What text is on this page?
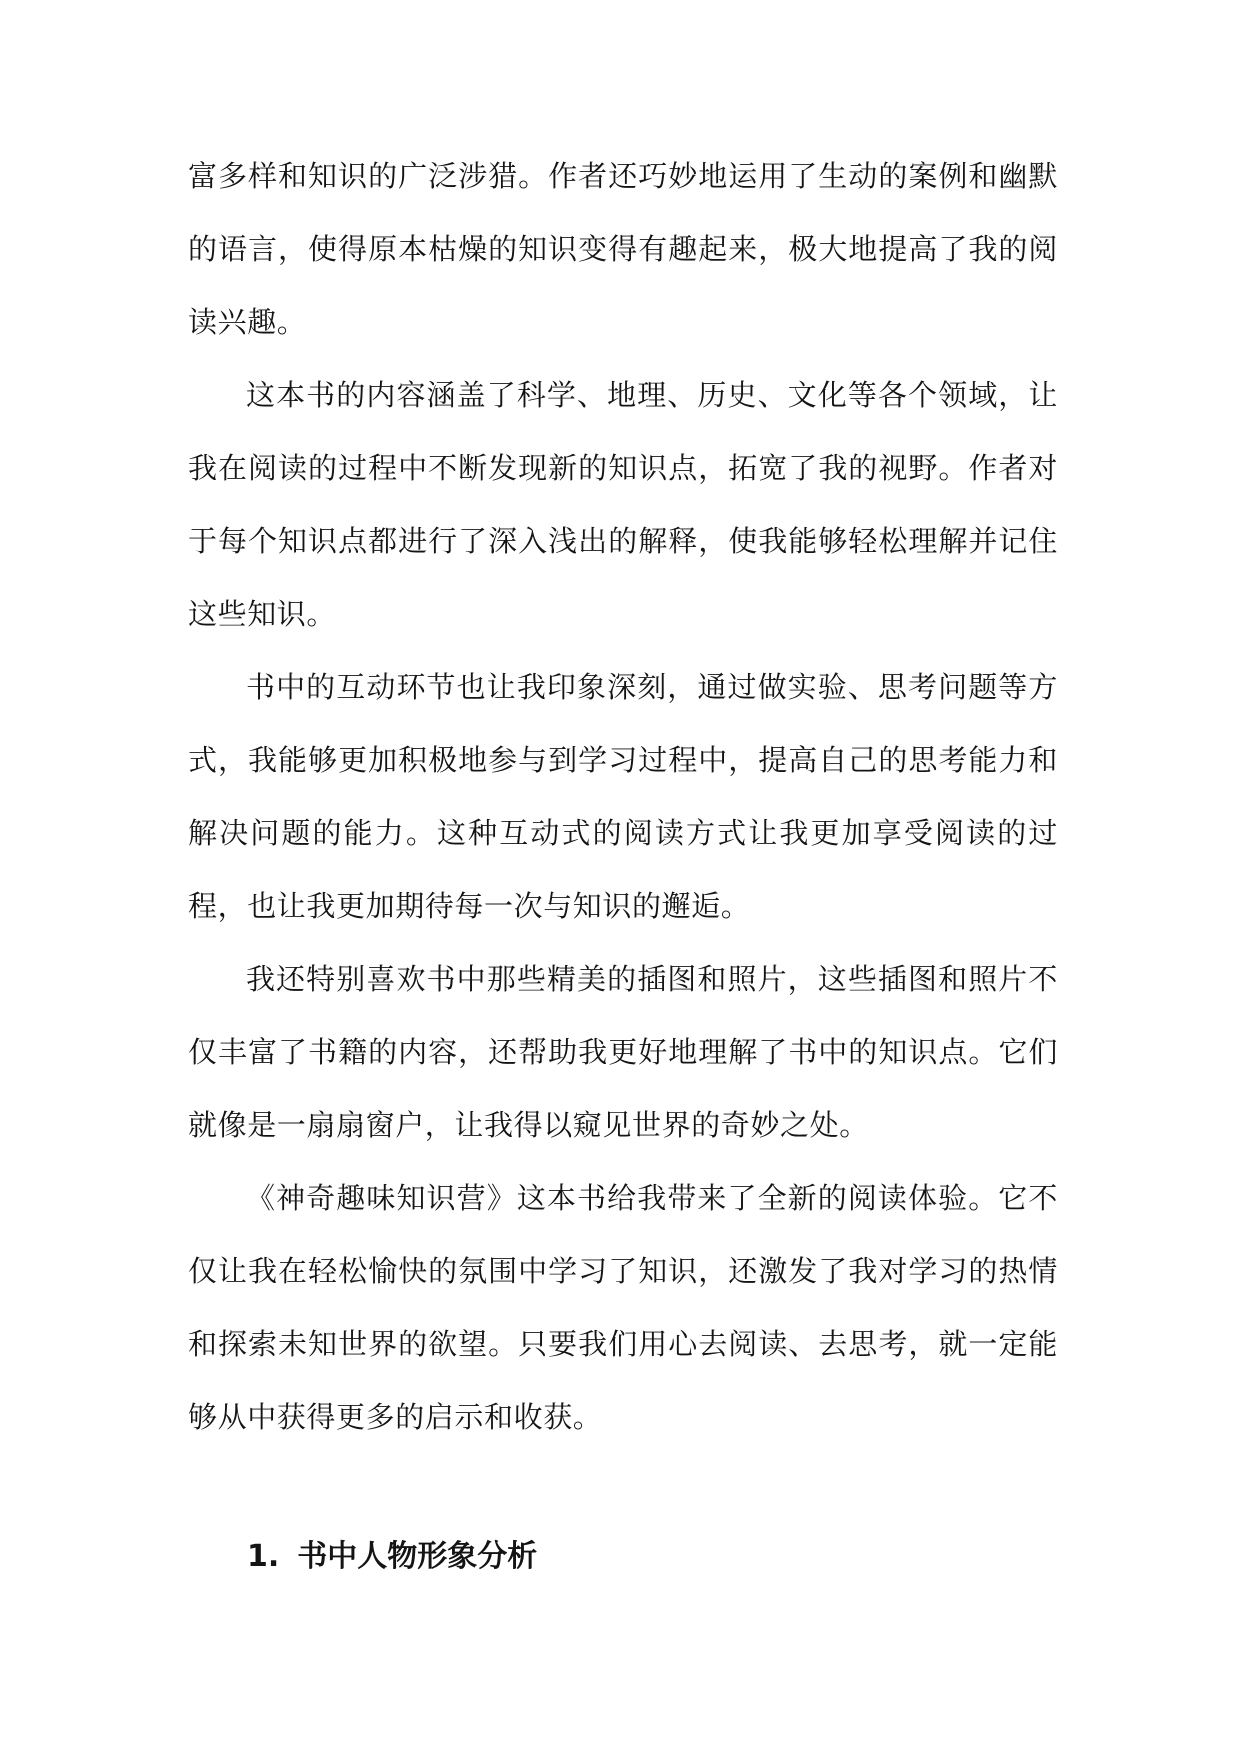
富多样和知识的广泛涉猎。作者还巧妙地运用了生动的案例和幽默的语言，使得原本枯燥的知识变得有趣起来，极大地提高了我的阅读兴趣。

这本书的内容涵盖了科学、地理、历史、文化等各个领域，让我在阅读的过程中不断发现新的知识点，拓宽了我的视野。作者对于每个知识点都进行了深入浅出的解释，使我能够轻松理解并记住这些知识。

书中的互动环节也让我印象深刻，通过做实验、思考问题等方式，我能够更加积极地参与到学习过程中，提高自己的思考能力和解决问题的能力。这种互动式的阅读方式让我更加享受阅读的过程，也让我更加期待每一次与知识的邂逅。

我还特别喜欢书中那些精美的插图和照片，这些插图和照片不仅丰富了书籍的内容，还帮助我更好地理解了书中的知识点。它们就像是一扇扇窗户，让我得以窥见世界的奇妙之处。

《神奇趣味知识营》这本书给我带来了全新的阅读体验。它不仅让我在轻松愉快的氛围中学习了知识，还激发了我对学习的热情和探索未知世界的欲望。只要我们用心去阅读、去思考，就一定能够从中获得更多的启示和收获。

1. 书中人物形象分析
